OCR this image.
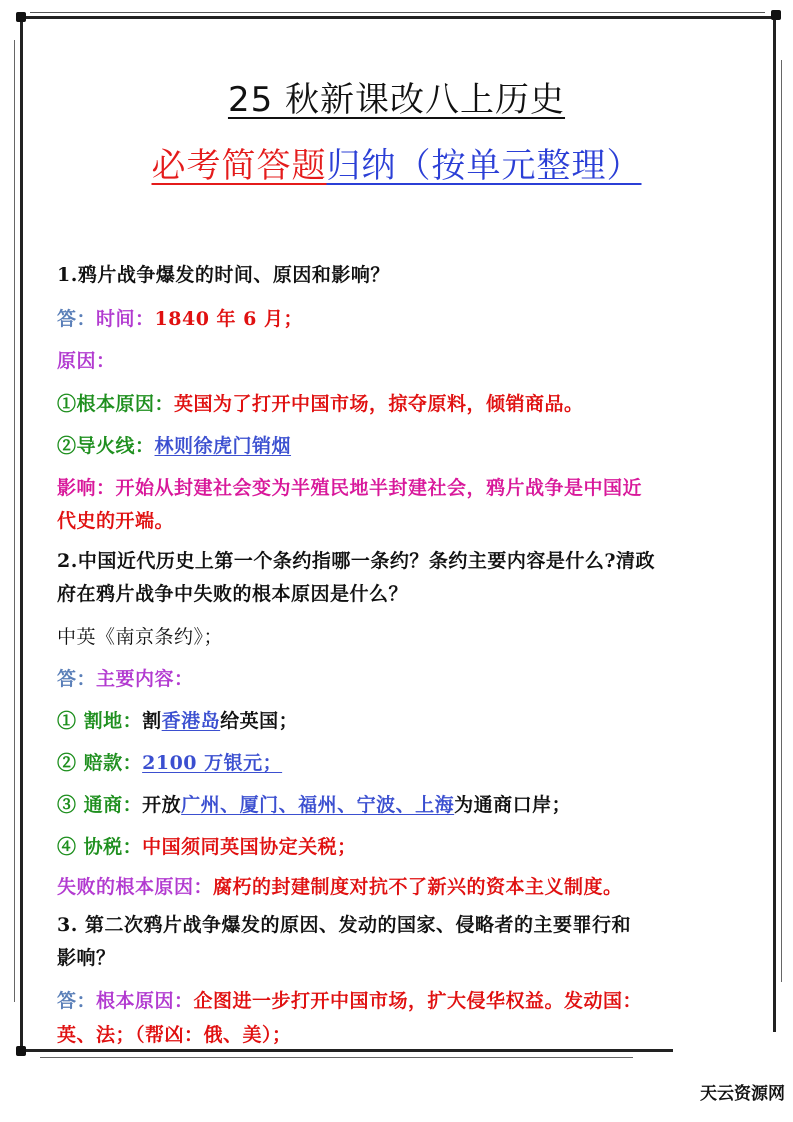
25 秋新课改八上历史
必考简答题归纳（按单元整理）
1.鸦片战争爆发的时间、原因和影响？
答：时间：1840 年 6 月；
原因：
①根本原因：英国为了打开中国市场，掠夺原料，倾销商品。
②导火线：林则徐虎门销烟
影响：开始从封建社会变为半殖民地半封建社会，鸦片战争是中国近
代史的开端。
2.中国近代历史上第一个条约指哪一条约？条约主要内容是什么?清政
府在鸦片战争中失败的根本原因是什么？
中英《南京条约》；
答：主要内容：
① 割地：割香港岛给英国；
② 赔款：2100 万银元；
③ 通商：开放广州、厦门、福州、宁波、上海为通商口岸；
④ 协税：中国须同英国协定关税；
失败的根本原因：腐朽的封建制度对抗不了新兴的资本主义制度。
3. 第二次鸦片战争爆发的原因、发动的国家、侵略者的主要罪行和
影响？
答：根本原因：企图进一步打开中国市场，扩大侵华权益。发动国：
英、法；（帮凶：俄、美）；
天云资源网
